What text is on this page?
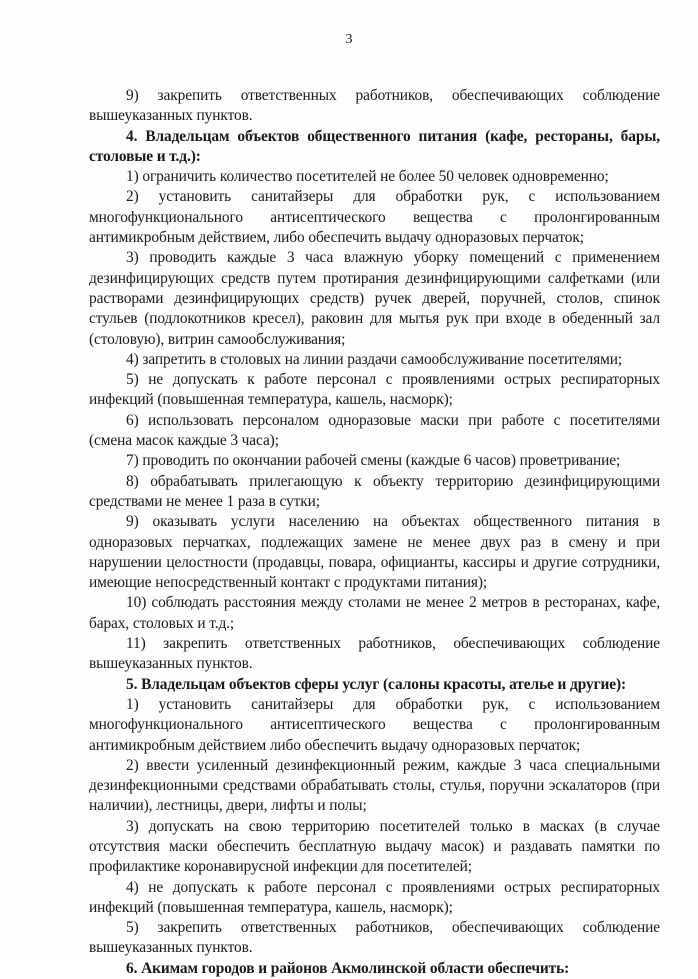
3

9) закрепить ответственных работников, обеспечивающих соблюдение вышеуказанных пунктов.

4. Владельцам объектов общественного питания (кафе, рестораны, бары, столовые и т.д.):

1) ограничить количество посетителей не более 50 человек одновременно;

2) установить санитайзеры для обработки рук, с использованием многофункционального антисептического вещества с пролонгированным антимикробным действием, либо обеспечить выдачу одноразовых перчаток;

3) проводить каждые 3 часа влажную уборку помещений с применением дезинфицирующих средств путем протирания дезинфицирующими салфетками (или растворами дезинфицирующих средств) ручек дверей, поручней, столов, спинок стульев (подлокотников кресел), раковин для мытья рук при входе в обеденный зал (столовую), витрин самообслуживания;

4) запретить в столовых на линии раздачи самообслуживание посетителями;

5) не допускать к работе персонал с проявлениями острых респираторных инфекций (повышенная температура, кашель, насморк);

6) использовать персоналом одноразовые маски при работе с посетителями (смена масок каждые 3 часа);

7) проводить по окончании рабочей смены (каждые 6 часов) проветривание;

8) обрабатывать прилегающую к объекту территорию дезинфицирующими средствами не менее 1 раза в сутки;

9) оказывать услуги населению на объектах общественного питания в одноразовых перчатках, подлежащих замене не менее двух раз в смену и при нарушении целостности (продавцы, повара, официанты, кассиры и другие сотрудники, имеющие непосредственный контакт с продуктами питания);

10) соблюдать расстояния между столами не менее 2 метров в ресторанах, кафе, барах, столовых и т.д.;

11) закрепить ответственных работников, обеспечивающих соблюдение вышеуказанных пунктов.

5. Владельцам объектов сферы услуг (салоны красоты, ателье и другие):

1) установить санитайзеры для обработки рук, с использованием многофункционального антисептического вещества с пролонгированным антимикробным действием либо обеспечить выдачу одноразовых перчаток;

2) ввести усиленный дезинфекционный режим, каждые 3 часа специальными дезинфекционными средствами обрабатывать столы, стулья, поручни эскалаторов (при наличии), лестницы, двери, лифты и полы;

3) допускать на свою территорию посетителей только в масках (в случае отсутствия маски обеспечить бесплатную выдачу масок) и раздавать памятки по профилактике коронавирусной инфекции для посетителей;

4) не допускать к работе персонал с проявлениями острых респираторных инфекций (повышенная температура, кашель, насморк);

5) закрепить ответственных работников, обеспечивающих соблюдение вышеуказанных пунктов.

6. Акимам городов и районов Акмолинской области обеспечить:
